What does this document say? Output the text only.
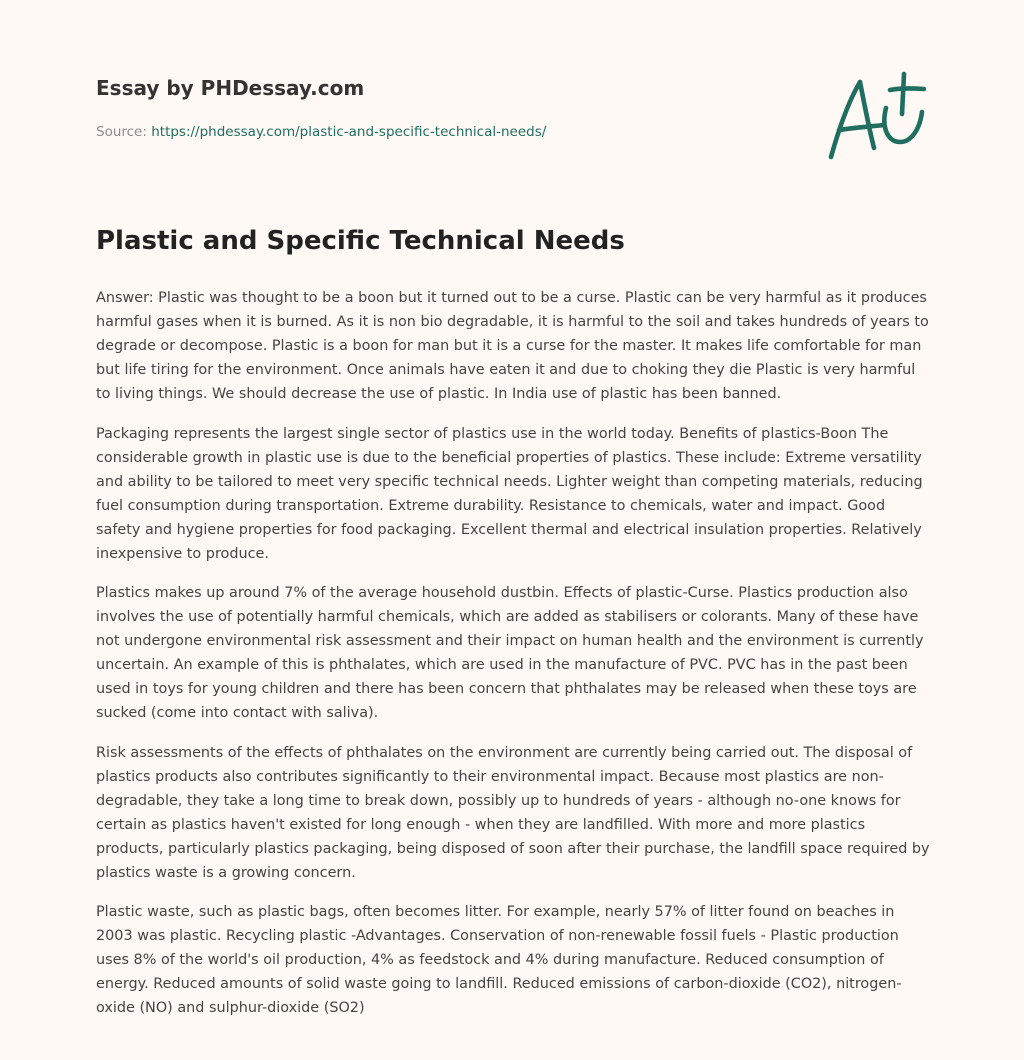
Essay by PHDessay.com
Source: https://phdessay.com/plastic-and-specific-technical-needs/
Plastic and Specific Technical Needs

Answer: Plastic was thought to be a boon but it turned out to be a curse. Plastic can be very harmful as it produces harmful gases when it is burned. As it is non bio degradable, it is harmful to the soil and takes hundreds of years to degrade or decompose. Plastic is a boon for man but it is a curse for the master. It makes life comfortable for man but life tiring for the environment. Once animals have eaten it and due to choking they die Plastic is very harmful to living things. We should decrease the use of plastic. In India use of plastic has been banned.

Packaging represents the largest single sector of plastics use in the world today. Benefits of plastics-Boon The considerable growth in plastic use is due to the beneficial properties of plastics. These include: Extreme versatility and ability to be tailored to meet very specific technical needs. Lighter weight than competing materials, reducing fuel consumption during transportation. Extreme durability. Resistance to chemicals, water and impact. Good safety and hygiene properties for food packaging. Excellent thermal and electrical insulation properties. Relatively inexpensive to produce.

Plastics makes up around 7% of the average household dustbin. Effects of plastic-Curse. Plastics production also involves the use of potentially harmful chemicals, which are added as stabilisers or colorants. Many of these have not undergone environmental risk assessment and their impact on human health and the environment is currently uncertain. An example of this is phthalates, which are used in the manufacture of PVC. PVC has in the past been used in toys for young children and there has been concern that phthalates may be released when these toys are sucked (come into contact with saliva).

Risk assessments of the effects of phthalates on the environment are currently being carried out. The disposal of plastics products also contributes significantly to their environmental impact. Because most plastics are non-degradable, they take a long time to break down, possibly up to hundreds of years - although no-one knows for certain as plastics haven't existed for long enough - when they are landfilled. With more and more plastics products, particularly plastics packaging, being disposed of soon after their purchase, the landfill space required by plastics waste is a growing concern.

Plastic waste, such as plastic bags, often becomes litter. For example, nearly 57% of litter found on beaches in 2003 was plastic. Recycling plastic -Advantages. Conservation of non-renewable fossil fuels - Plastic production uses 8% of the world's oil production, 4% as feedstock and 4% during manufacture. Reduced consumption of energy. Reduced amounts of solid waste going to landfill. Reduced emissions of carbon-dioxide (CO2), nitrogen-oxide (NO) and sulphur-dioxide (SO2)
